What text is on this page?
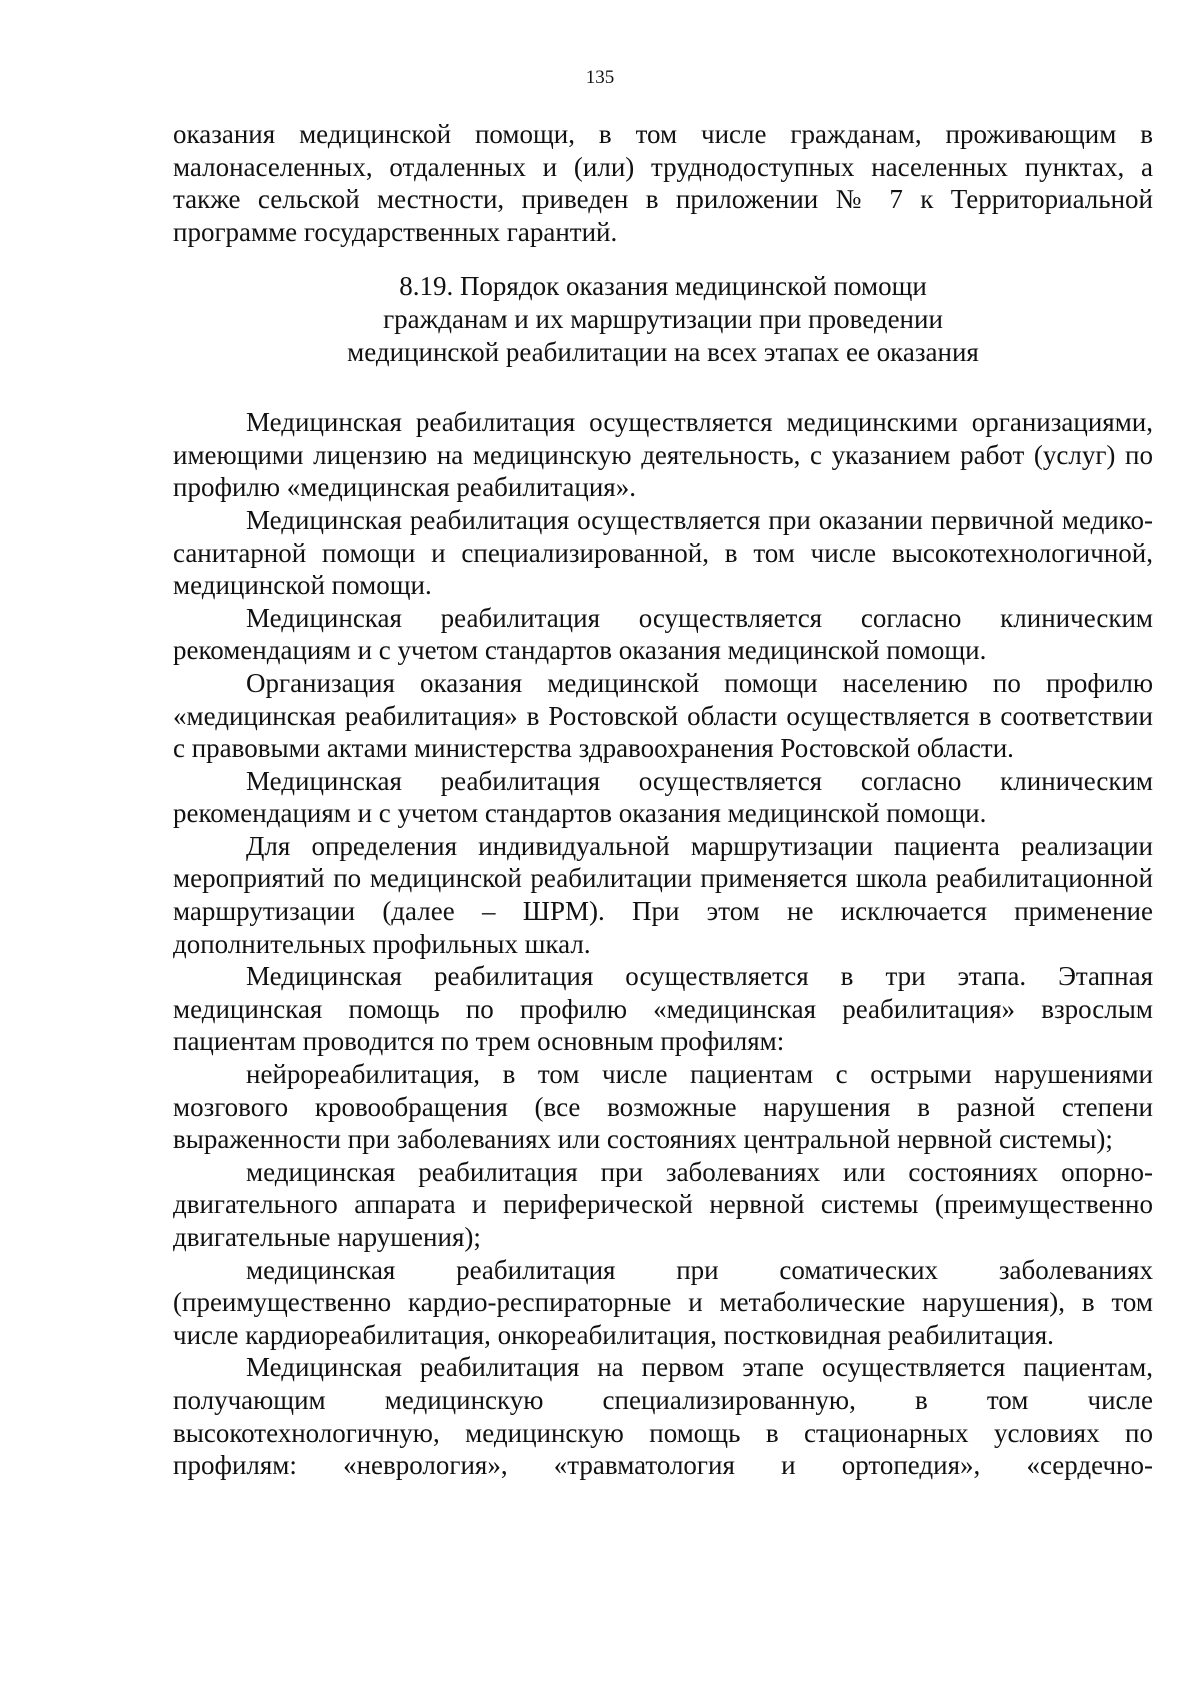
135

оказания медицинской помощи, в том числе гражданам, проживающим в малонаселенных, отдаленных и (или) труднодоступных населенных пунктах, а также сельской местности, приведен в приложении № 7 к Территориальной программе государственных гарантий.

8.19. Порядок оказания медицинской помощи
гражданам и их маршрутизации при проведении
медицинской реабилитации на всех этапах ее оказания

Медицинская реабилитация осуществляется медицинскими организациями, имеющими лицензию на медицинскую деятельность, с указанием работ (услуг) по профилю «медицинская реабилитация».

Медицинская реабилитация осуществляется при оказании первичной медико-санитарной помощи и специализированной, в том числе высокотехнологичной, медицинской помощи.

Медицинская реабилитация осуществляется согласно клиническим рекомендациям и с учетом стандартов оказания медицинской помощи.

Организация оказания медицинской помощи населению по профилю «медицинская реабилитация» в Ростовской области осуществляется в соответствии с правовыми актами министерства здравоохранения Ростовской области.

Медицинская реабилитация осуществляется согласно клиническим рекомендациям и с учетом стандартов оказания медицинской помощи.

Для определения индивидуальной маршрутизации пациента реализации мероприятий по медицинской реабилитации применяется школа реабилитационной маршрутизации (далее – ШРМ). При этом не исключается применение дополнительных профильных шкал.

Медицинская реабилитация осуществляется в три этапа. Этапная медицинская помощь по профилю «медицинская реабилитация» взрослым пациентам проводится по трем основным профилям:

нейрореабилитация, в том числе пациентам с острыми нарушениями мозгового кровообращения (все возможные нарушения в разной степени выраженности при заболеваниях или состояниях центральной нервной системы);

медицинская реабилитация при заболеваниях или состояниях опорно-двигательного аппарата и периферической нервной системы (преимущественно двигательные нарушения);

медицинская реабилитация при соматических заболеваниях (преимущественно кардио-респираторные и метаболические нарушения), в том числе кардиореабилитация, онкореабилитация, постковидная реабилитация.

Медицинская реабилитация на первом этапе осуществляется пациентам, получающим медицинскую специализированную, в том числе высокотехнологичную, медицинскую помощь в стационарных условиях по профилям: «неврология», «травматология и ортопедия», «сердечно-
